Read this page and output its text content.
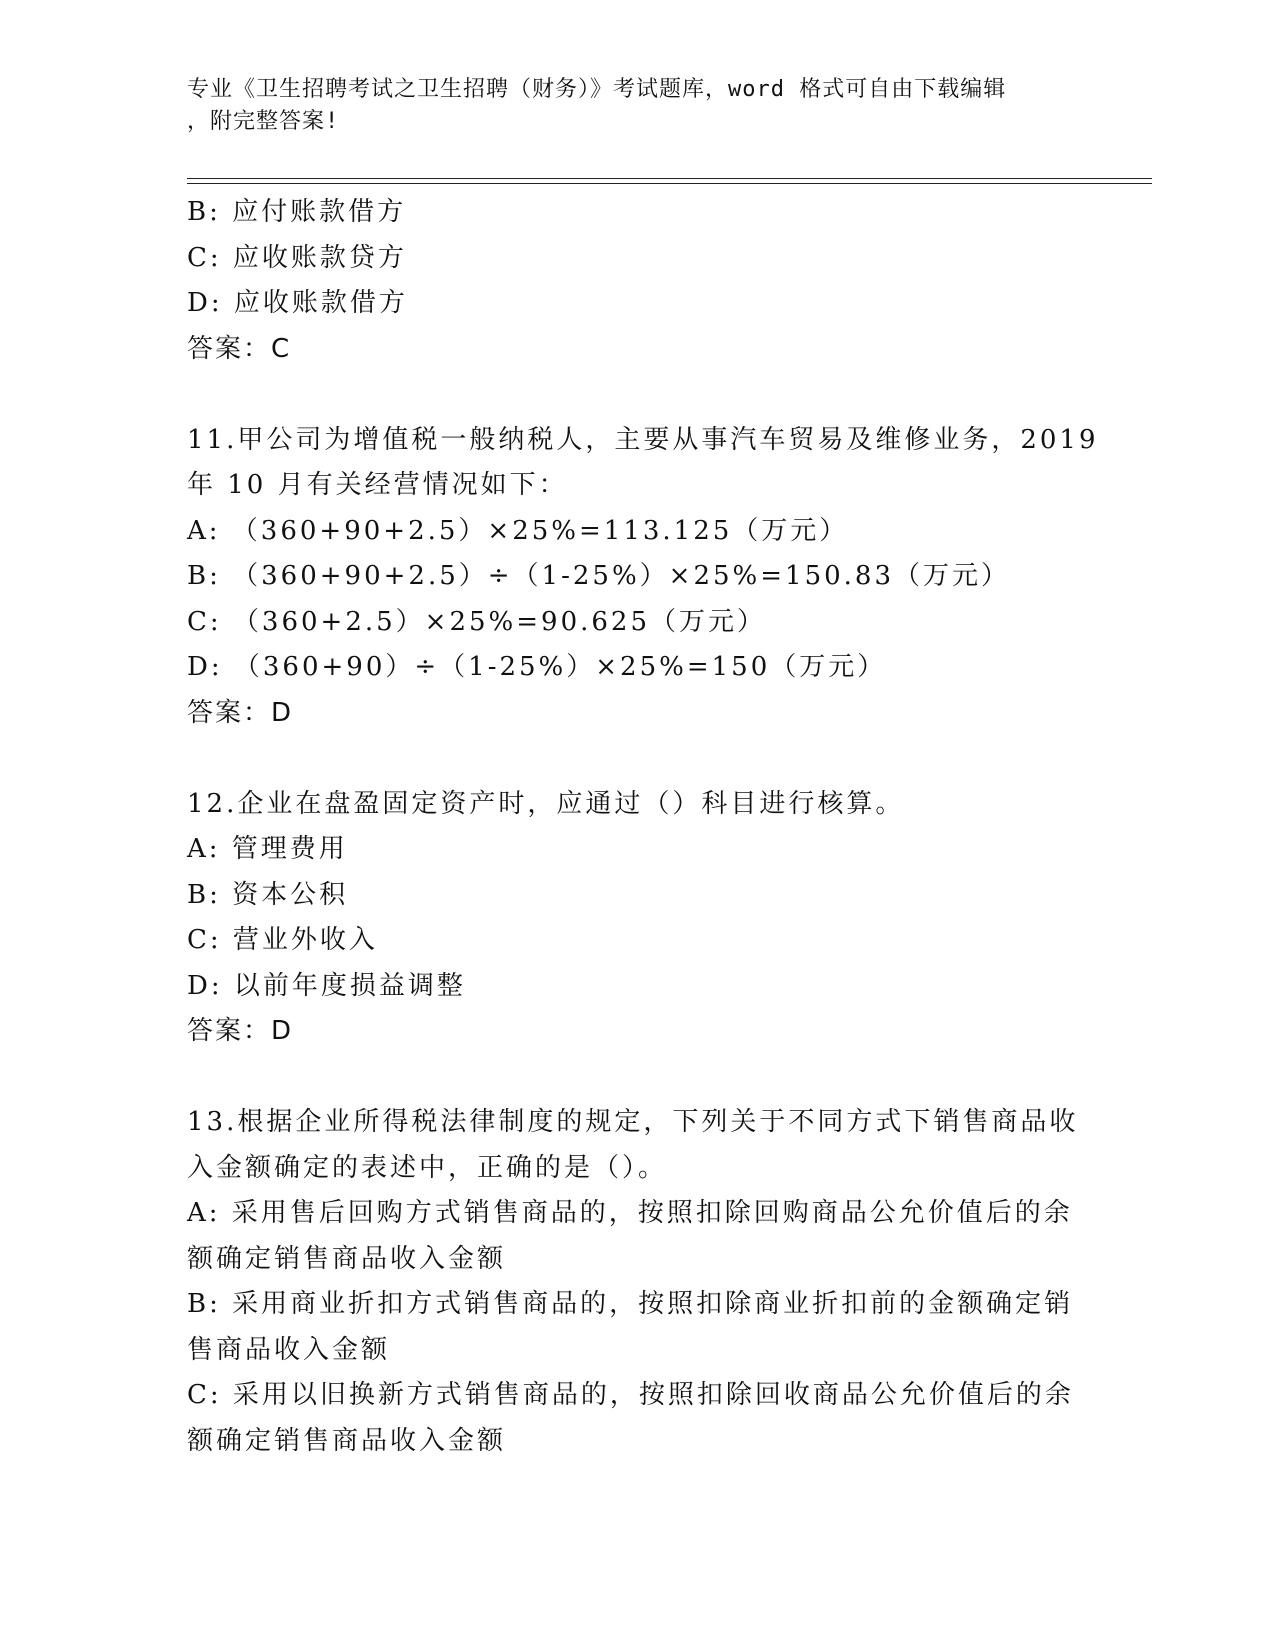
专业《卫生招聘考试之卫生招聘（财务）》考试题库，word 格式可自由下载编辑
，附完整答案!
B: 应付账款借方
C: 应收账款贷方
D: 应收账款借方
答案：C
11.甲公司为增值税一般纳税人，主要从事汽车贸易及维修业务，2019
年 10 月有关经营情况如下：
A: （360+90+2.5）×25%=113.125（万元）
B: （360+90+2.5）÷（1-25%）×25%=150.83（万元）
C: （360+2.5）×25%=90.625（万元）
D: （360+90）÷（1-25%）×25%=150（万元）
答案：D
12.企业在盘盈固定资产时，应通过（）科目进行核算。
A: 管理费用
B: 资本公积
C: 营业外收入
D: 以前年度损益调整
答案：D
13.根据企业所得税法律制度的规定，下列关于不同方式下销售商品收
入金额确定的表述中，正确的是（）。
A: 采用售后回购方式销售商品的，按照扣除回购商品公允价值后的余
额确定销售商品收入金额
B: 采用商业折扣方式销售商品的，按照扣除商业折扣前的金额确定销
售商品收入金额
C: 采用以旧换新方式销售商品的，按照扣除回收商品公允价值后的余
额确定销售商品收入金额
